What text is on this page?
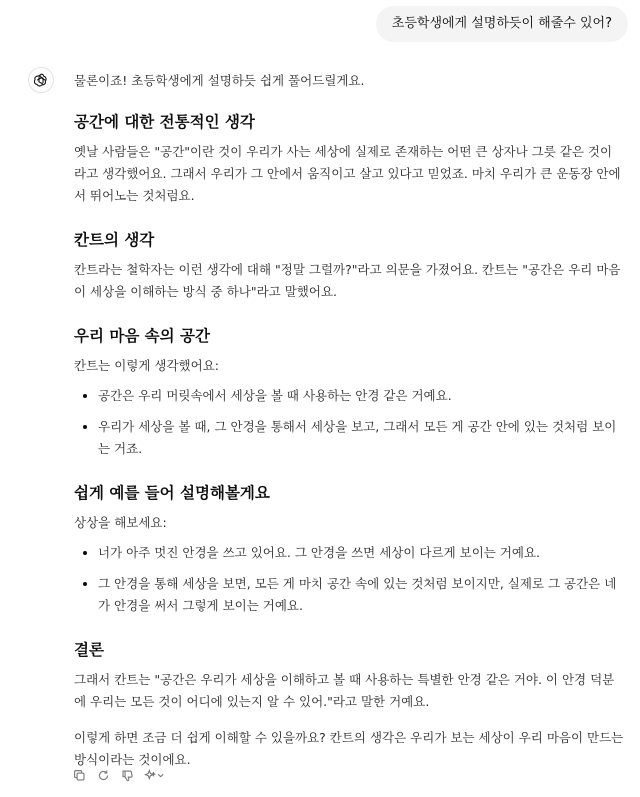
초등학생에게 설명하듯이 해줄수 있어?

물론이죠! 초등학생에게 설명하듯 쉽게 풀어드릴게요.

공간에 대한 전통적인 생각

옛날 사람들은 "공간"이란 것이 우리가 사는 세상에 실제로 존재하는 어떤 큰 상자나 그릇 같은 것이라고 생각했어요. 그래서 우리가 그 안에서 움직이고 살고 있다고 믿었죠. 마치 우리가 큰 운동장 안에서 뛰어노는 것처럼요.

칸트의 생각

칸트라는 철학자는 이런 생각에 대해 "정말 그럴까?"라고 의문을 가졌어요. 칸트는 "공간은 우리 마음이 세상을 이해하는 방식 중 하나"라고 말했어요.

우리 마음 속의 공간

칸트는 이렇게 생각했어요:

• 공간은 우리 머릿속에서 세상을 볼 때 사용하는 안경 같은 거예요.
• 우리가 세상을 볼 때, 그 안경을 통해서 세상을 보고, 그래서 모든 게 공간 안에 있는 것처럼 보이는 거죠.
쉽게 예를 들어 설명해볼게요

상상을 해보세요:

• 너가 아주 멋진 안경을 쓰고 있어요. 그 안경을 쓰면 세상이 다르게 보이는 거예요.
• 그 안경을 통해 세상을 보면, 모든 게 마치 공간 속에 있는 것처럼 보이지만, 실제로 그 공간은 네가 안경을 써서 그렇게 보이는 거예요.
결론

그래서 칸트는 "공간은 우리가 세상을 이해하고 볼 때 사용하는 특별한 안경 같은 거야. 이 안경 덕분에 우리는 모든 것이 어디에 있는지 알 수 있어."라고 말한 거예요.

이렇게 하면 조금 더 쉽게 이해할 수 있을까요? 칸트의 생각은 우리가 보는 세상이 우리 마음이 만드는 방식이라는 것이에요.
